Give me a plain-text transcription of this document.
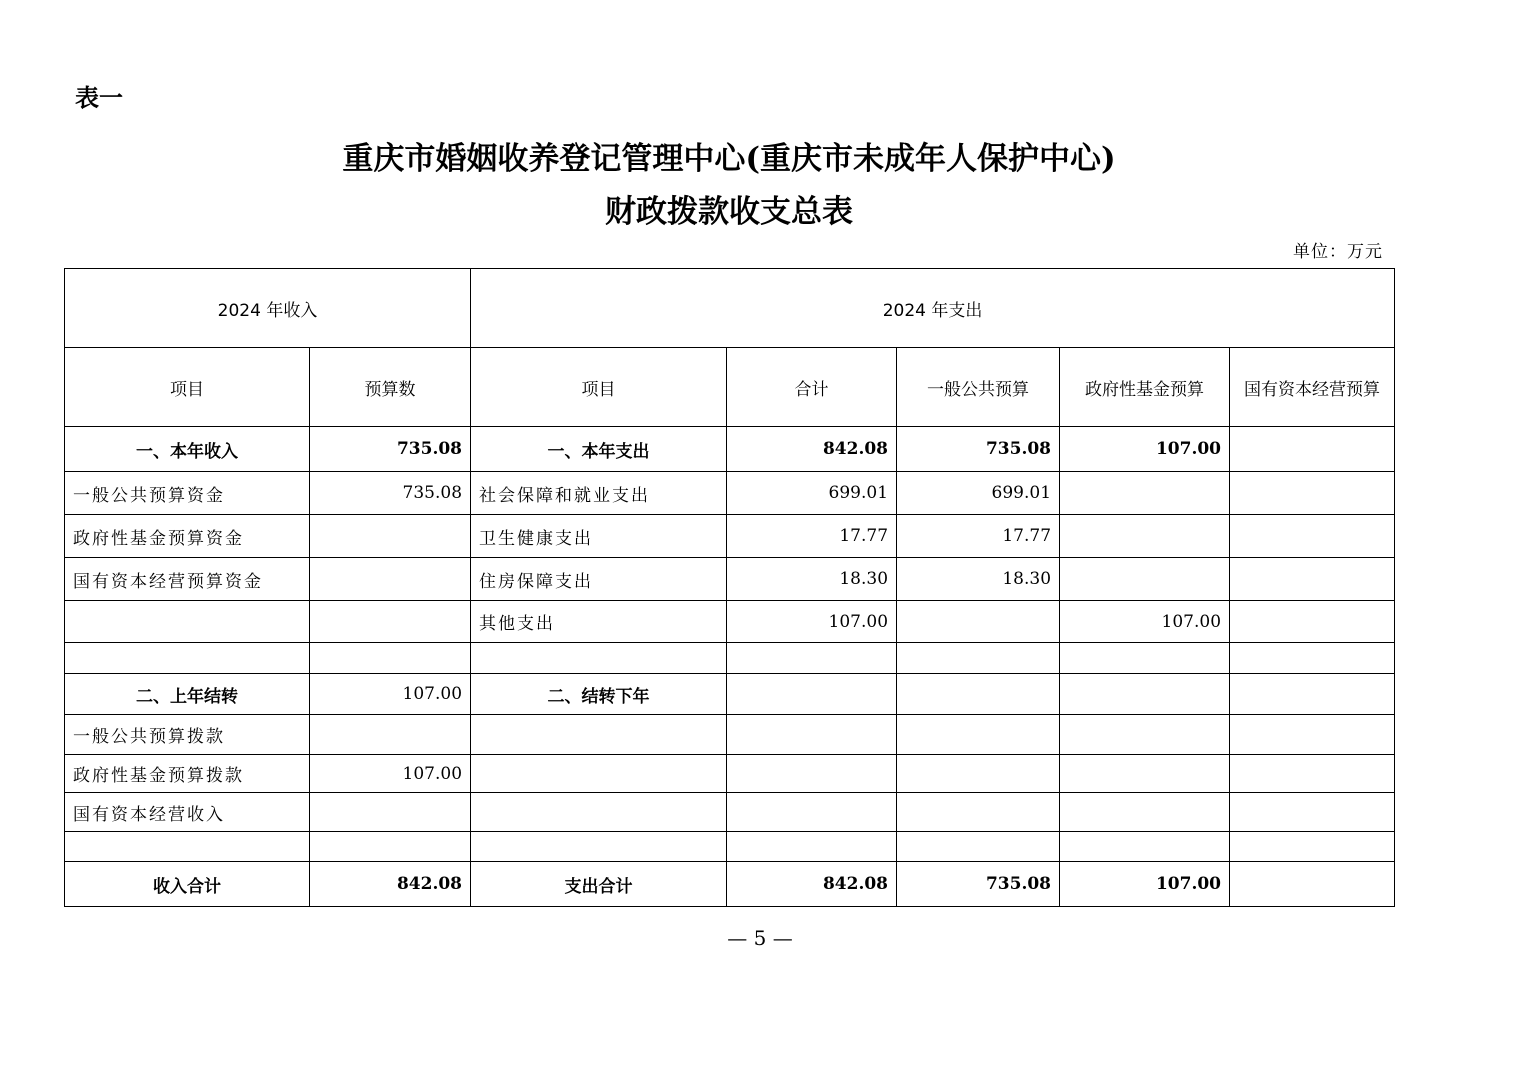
表一
重庆市婚姻收养登记管理中心(重庆市未成年人保护中心)
财政拨款收支总表
单位：万元
2024 年收入		2024 年支出				
项目	预算数	项目	合计	一般公共预算	政府性基金预算	国有资本经营预算
一、本年收入	735.08	一、本年支出	842.08	735.08	107.00	
一般公共预算资金	735.08	社会保障和就业支出	699.01	699.01		
政府性基金预算资金		卫生健康支出	17.77	17.77		
国有资本经营预算资金		住房保障支出	18.30	18.30		
		其他支出	107.00		107.00	

二、上年结转	107.00	二、结转下年				
一般公共预算拨款						
政府性基金预算拨款	107.00					
国有资本经营收入						

收入合计	842.08	支出合计	842.08	735.08	107.00	
— 5 —
